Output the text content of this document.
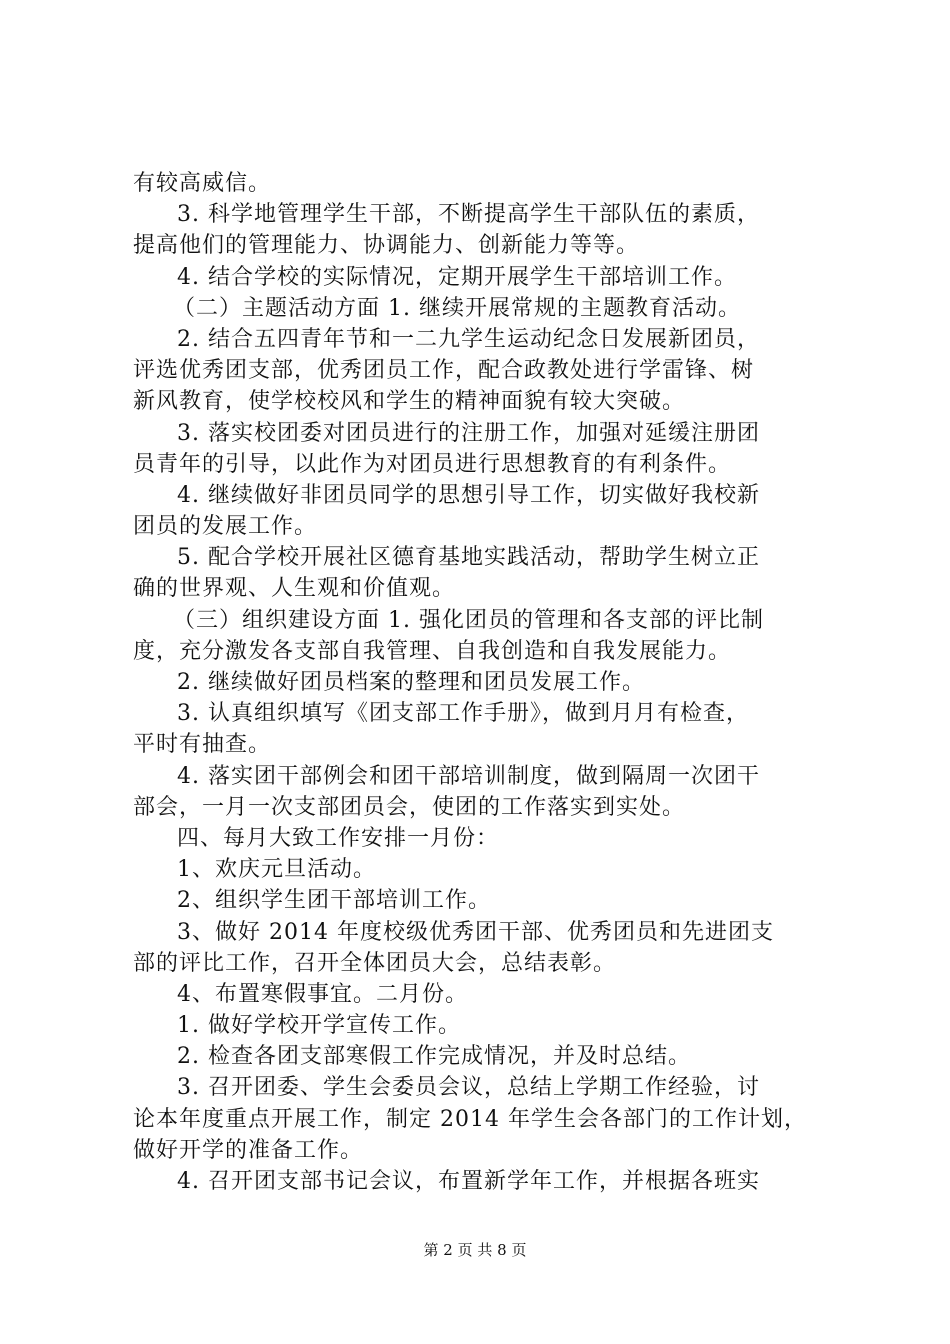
有较高威信。
3. 科学地管理学生干部，不断提高学生干部队伍的素质，
提高他们的管理能力、协调能力、创新能力等等。
4. 结合学校的实际情况，定期开展学生干部培训工作。
（二）主题活动方面 1. 继续开展常规的主题教育活动。
2. 结合五四青年节和一二九学生运动纪念日发展新团员，
评选优秀团支部，优秀团员工作，配合政教处进行学雷锋、树
新风教育，使学校校风和学生的精神面貌有较大突破。
3. 落实校团委对团员进行的注册工作，加强对延缓注册团
员青年的引导，以此作为对团员进行思想教育的有利条件。
4. 继续做好非团员同学的思想引导工作，切实做好我校新
团员的发展工作。
5. 配合学校开展社区德育基地实践活动，帮助学生树立正
确的世界观、人生观和价值观。
（三）组织建设方面 1. 强化团员的管理和各支部的评比制
度，充分激发各支部自我管理、自我创造和自我发展能力。
2. 继续做好团员档案的整理和团员发展工作。
3. 认真组织填写《团支部工作手册》，做到月月有检查，
平时有抽查。
4. 落实团干部例会和团干部培训制度，做到隔周一次团干
部会，一月一次支部团员会，使团的工作落实到实处。
四、每月大致工作安排一月份：
1、欢庆元旦活动。
2、组织学生团干部培训工作。
3、做好 2014 年度校级优秀团干部、优秀团员和先进团支
部的评比工作，召开全体团员大会，总结表彰。
4、布置寒假事宜。二月份。
1. 做好学校开学宣传工作。
2. 检查各团支部寒假工作完成情况，并及时总结。
3. 召开团委、学生会委员会议，总结上学期工作经验，讨
论本年度重点开展工作，制定 2014 年学生会各部门的工作计划，
做好开学的准备工作。
4. 召开团支部书记会议，布置新学年工作，并根据各班实
第 2 页 共 8 页
